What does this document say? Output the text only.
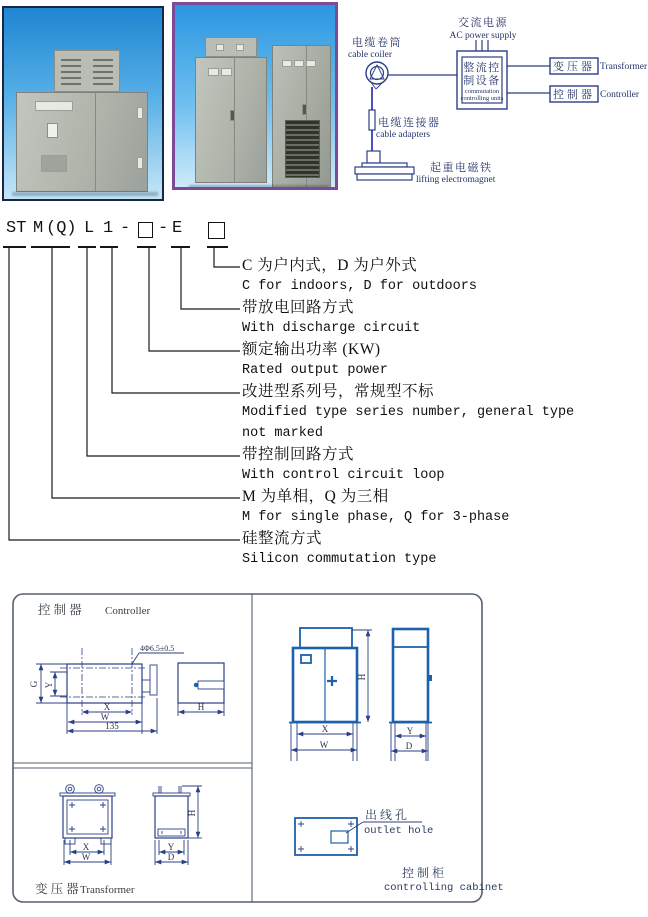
交流电源
AC power supply
电缆卷筒
cable coiler
整流控
制设备
commutation
controlling units
变压器 Transformer
控制器 Controller
电缆连接器
cable adapters
起重电磁铁
lifting electromagnet
ST M (Q) L 1 - - E
C 为户内式，D 为户外式
C for indoors, D for outdoors
带放电回路方式
With discharge circuit
额定输出功率 (KW)
Rated output power
改进型系列号，常规型不标
Modified type series number, general type
not marked
带控制回路方式
With control circuit loop
M 为单相，Q 为三相
M for single phase, Q for 3-phase
硅整流方式
Silicon commutation type
控 制 器 Controller
4Φ6.5±0.5
G Y
X
W
135
H
X
W
H
Y
D
变 压 器 Transformer
H
X
W
Y
D
出 线 孔
outlet hole
控 制 柜
controlling cabinet
